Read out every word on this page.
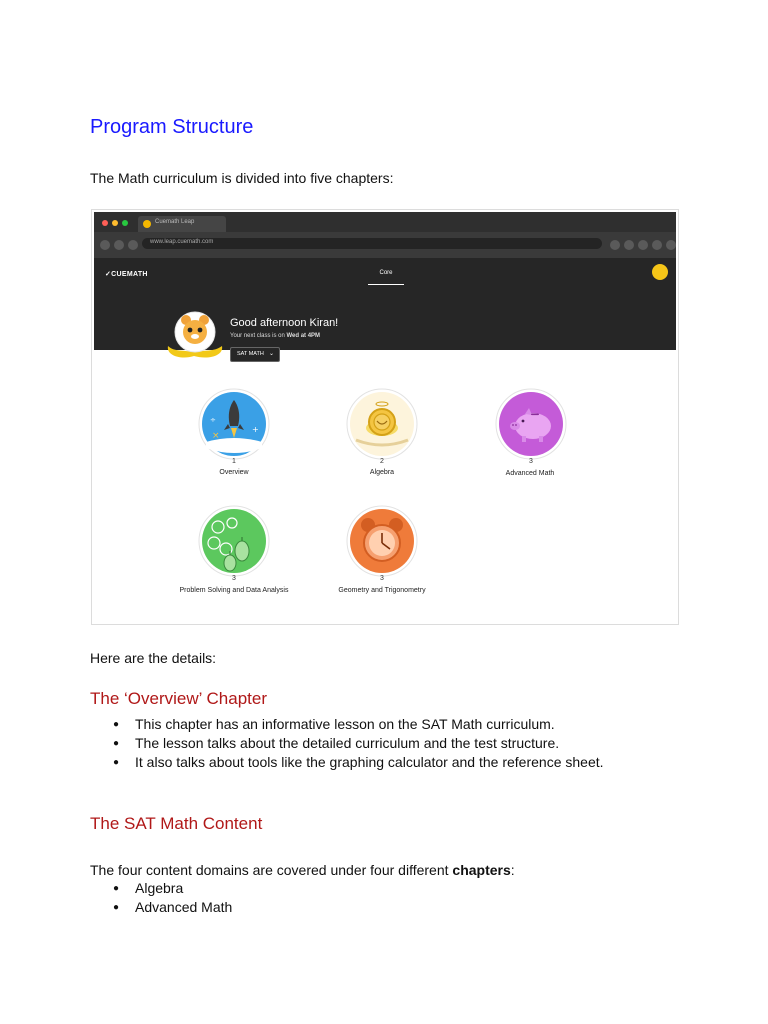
Program Structure

The Math curriculum is divided into five chapters:

Cuemath Leap
www.leap.cuemath.com
✓CUEMATH	Core
Good afternoon Kiran!
Your next class is on Wed at 4PM
SAT MATH ⌄
×
+
÷
1
Overview
2
Algebra
3
Advanced Math
3
Problem Solving and Data Analysis
3
Geometry and Trigonometry

Here are the details:

The ‘Overview’ Chapter
● This chapter has an informative lesson on the SAT Math curriculum.
● The lesson talks about the detailed curriculum and the test structure.
● It also talks about tools like the graphing calculator and the reference sheet.
The SAT Math Content

The four content domains are covered under four different chapters:

● Algebra
● Advanced Math
